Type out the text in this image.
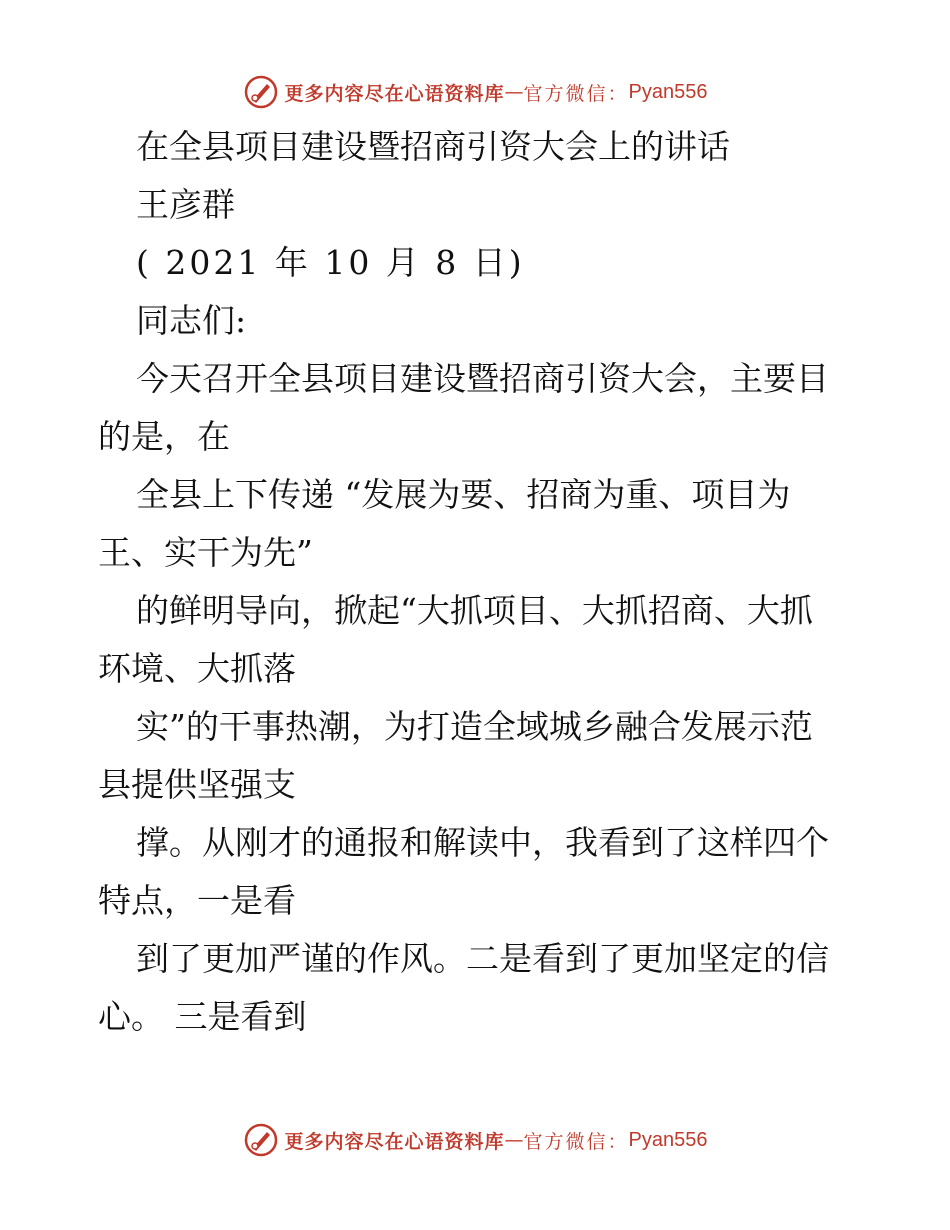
更多内容尽在心语资料库 — 官方微信： Pyan556
在全县项目建设暨招商引资大会上的讲话
王彦群
( 2021 年 10 月 8 日)
同志们:
今天召开全县项目建设暨招商引资大会，主要目
的是，在
全县上下传递 “发展为要、招商为重、项目为
王、实干为先”
的鲜明导向，掀起“大抓项目、大抓招商、大抓
环境、大抓落
实”的干事热潮，为打造全域城乡融合发展示范
县提供坚强支
撑。从刚才的通报和解读中，我看到了这样四个
特点，一是看
到了更加严谨的作风。二是看到了更加坚定的信
心。 三是看到
更多内容尽在心语资料库 — 官方微信： Pyan556
